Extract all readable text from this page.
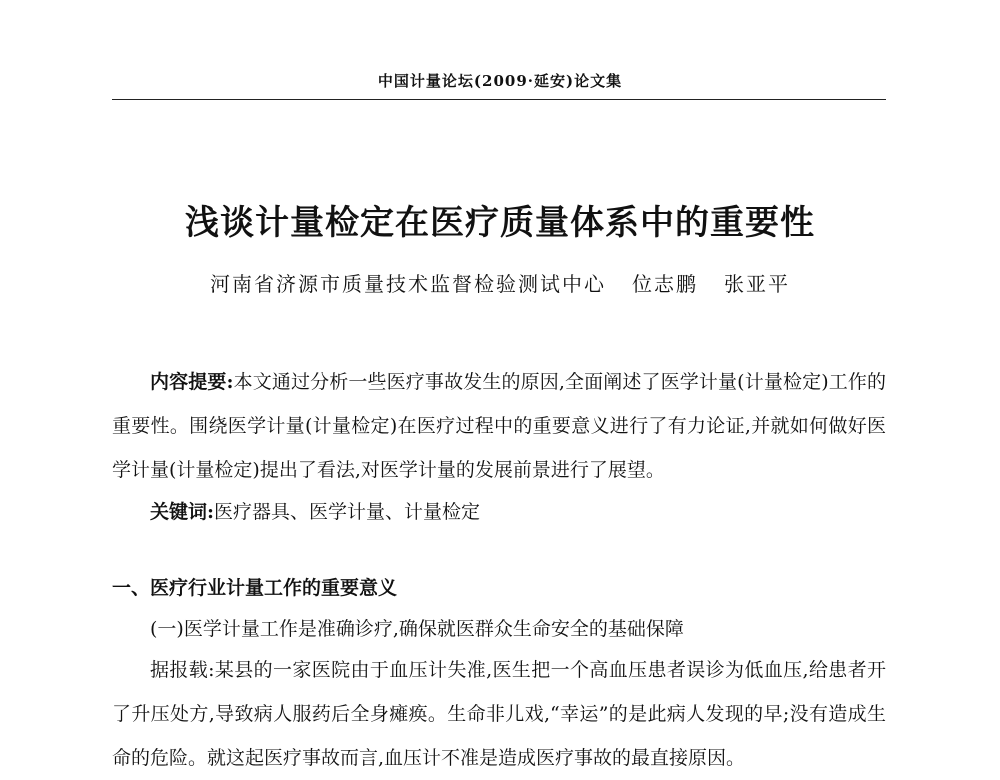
中国计量论坛(2009·延安)论文集
浅谈计量检定在医疗质量体系中的重要性
河南省济源市质量技术监督检验测试中心 位志鹏 张亚平

内容提要:本文通过分析一些医疗事故发生的原因,全面阐述了医学计量(计量检定)工作的重要性。围绕医学计量(计量检定)在医疗过程中的重要意义进行了有力论证,并就如何做好医学计量(计量检定)提出了看法,对医学计量的发展前景进行了展望。

关键词:医疗器具、医学计量、计量检定

一、医疗行业计量工作的重要意义
(一)医学计量工作是准确诊疗,确保就医群众生命安全的基础保障

据报载:某县的一家医院由于血压计失准,医生把一个高血压患者误诊为低血压,给患者开了升压处方,导致病人服药后全身瘫痪。生命非儿戏,“幸运”的是此病人发现的早;没有造成生命的危险。就这起医疗事故而言,血压计不准是造成医疗事故的最直接原因。
